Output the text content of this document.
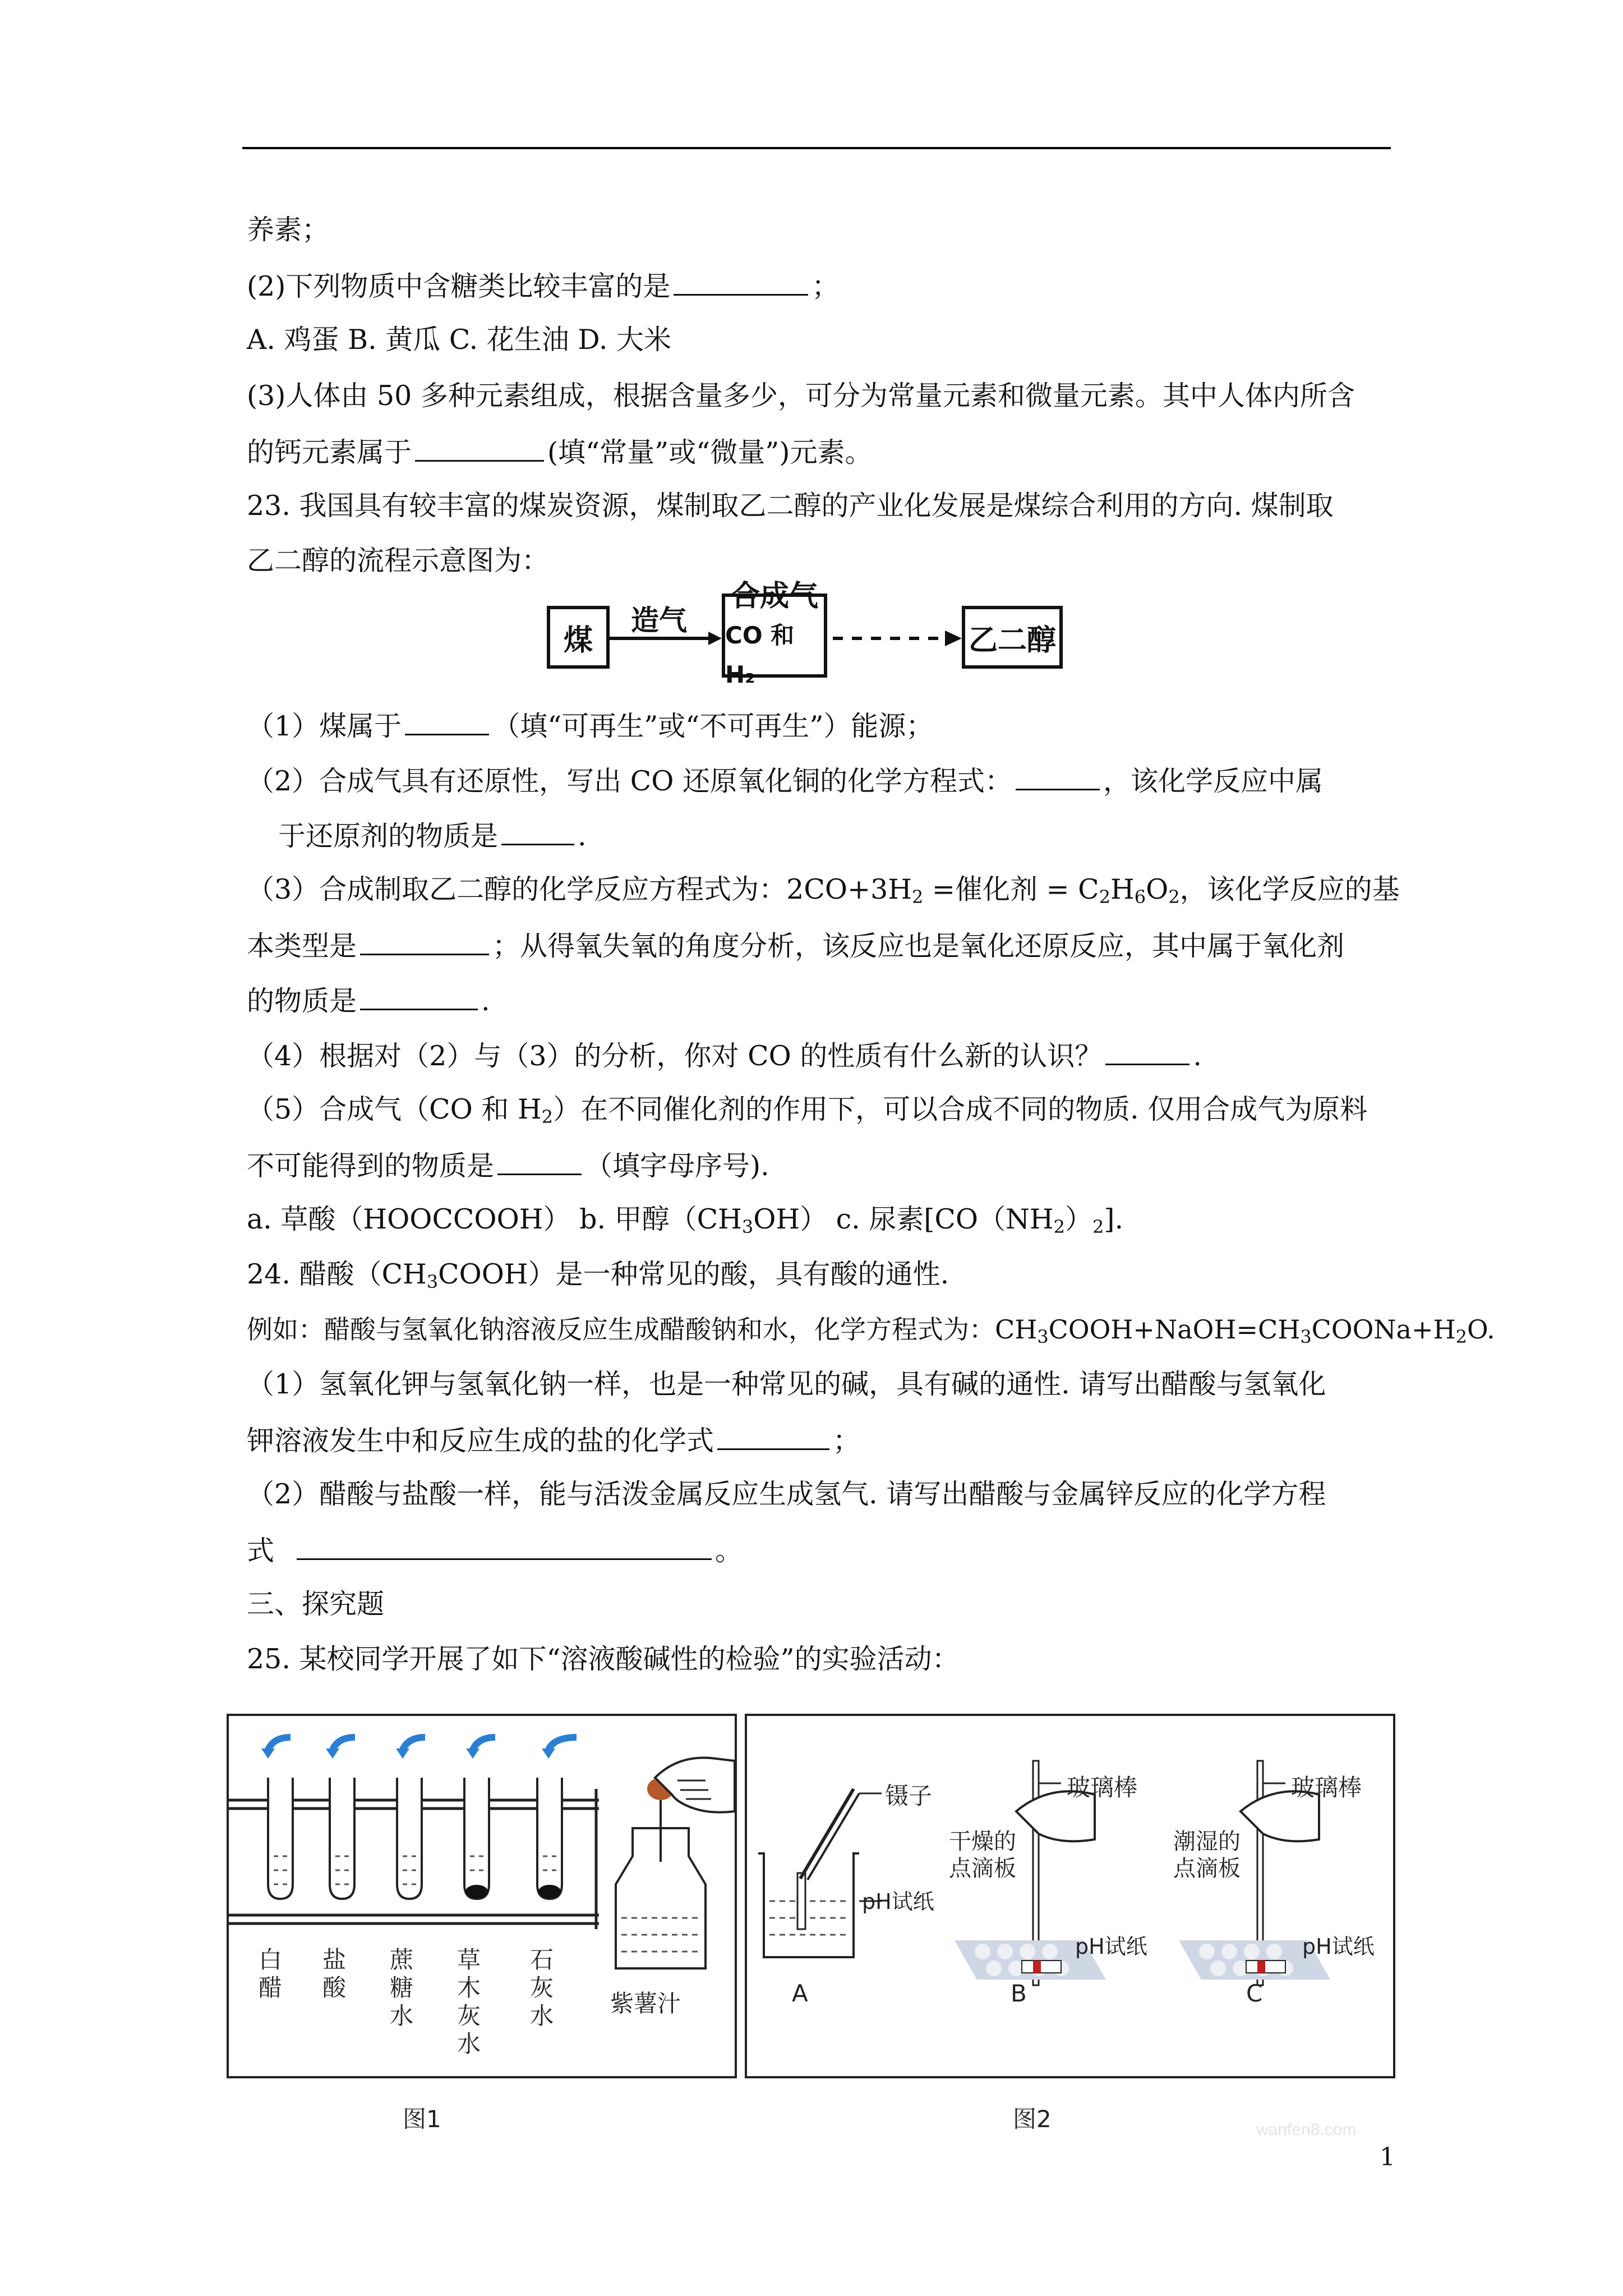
养素；
(2)下列物质中含糖类比较丰富的是	；
A. 鸡蛋 B. 黄瓜 C. 花生油 D. 大米
(3)人体由 50 多种元素组成，根据含量多少，可分为常量元素和微量元素。其中人体内所含
的钙元素属于	(填“常量”或“微量”)元素。
23. 我国具有较丰富的煤炭资源，煤制取乙二醇的产业化发展是煤综合利用的方向. 煤制取
乙二醇的流程示意图为：
煤
造气
合成气
CO 和 H₂
乙二醇
（1）煤属于	（填“可再生”或“不可再生”）能源；
（2）合成气具有还原性，写出 CO 还原氧化铜的化学方程式：	，该化学反应中属
于还原剂的物质是	.
（3）合成制取乙二醇的化学反应方程式为：$2CO+3H_2$ =催化剂 = $C_2H_6O_2$，该化学反应的基
本类型是	；从得氧失氧的角度分析，该反应也是氧化还原反应，其中属于氧化剂
的物质是	.
（4）根据对（2）与（3）的分析，你对 CO 的性质有什么新的认识？	.
（5）合成气（CO 和 $H_2$）在不同催化剂的作用下，可以合成不同的物质. 仅用合成气为原料
不可能得到的物质是	（填字母序号).
a. 草酸（HOOCCOOH） b. 甲醇$(CH_3OH)$ c. 尿素$[CO(NH_2)_2]$.
24. 醋酸$(CH_3COOH)$是一种常见的酸，具有酸的通性.
例如：醋酸与氢氧化钠溶液反应生成醋酸钠和水，化学方程式为：$CH_3COOH+NaOH=CH_3COONa+H_2O$.
（1）氢氧化钾与氢氧化钠一样，也是一种常见的碱，具有碱的通性. 请写出醋酸与氢氧化
钾溶液发生中和反应生成的盐的化学式	；
（2）醋酸与盐酸一样，能与活泼金属反应生成氢气. 请写出醋酸与金属锌反应的化学方程
式	。
三、探究题
25. 某校同学开展了如下“溶液酸碱性的检验”的实验活动：
白醋
盐酸
蔗糖水
草木灰水
石灰水 紫薯汁
图1
镊子
pH试纸
A
玻璃棒
干燥的点滴板
pH试纸
B
玻璃棒
潮湿的点滴板
pH试纸
C
图2	wanfen8.com
1
